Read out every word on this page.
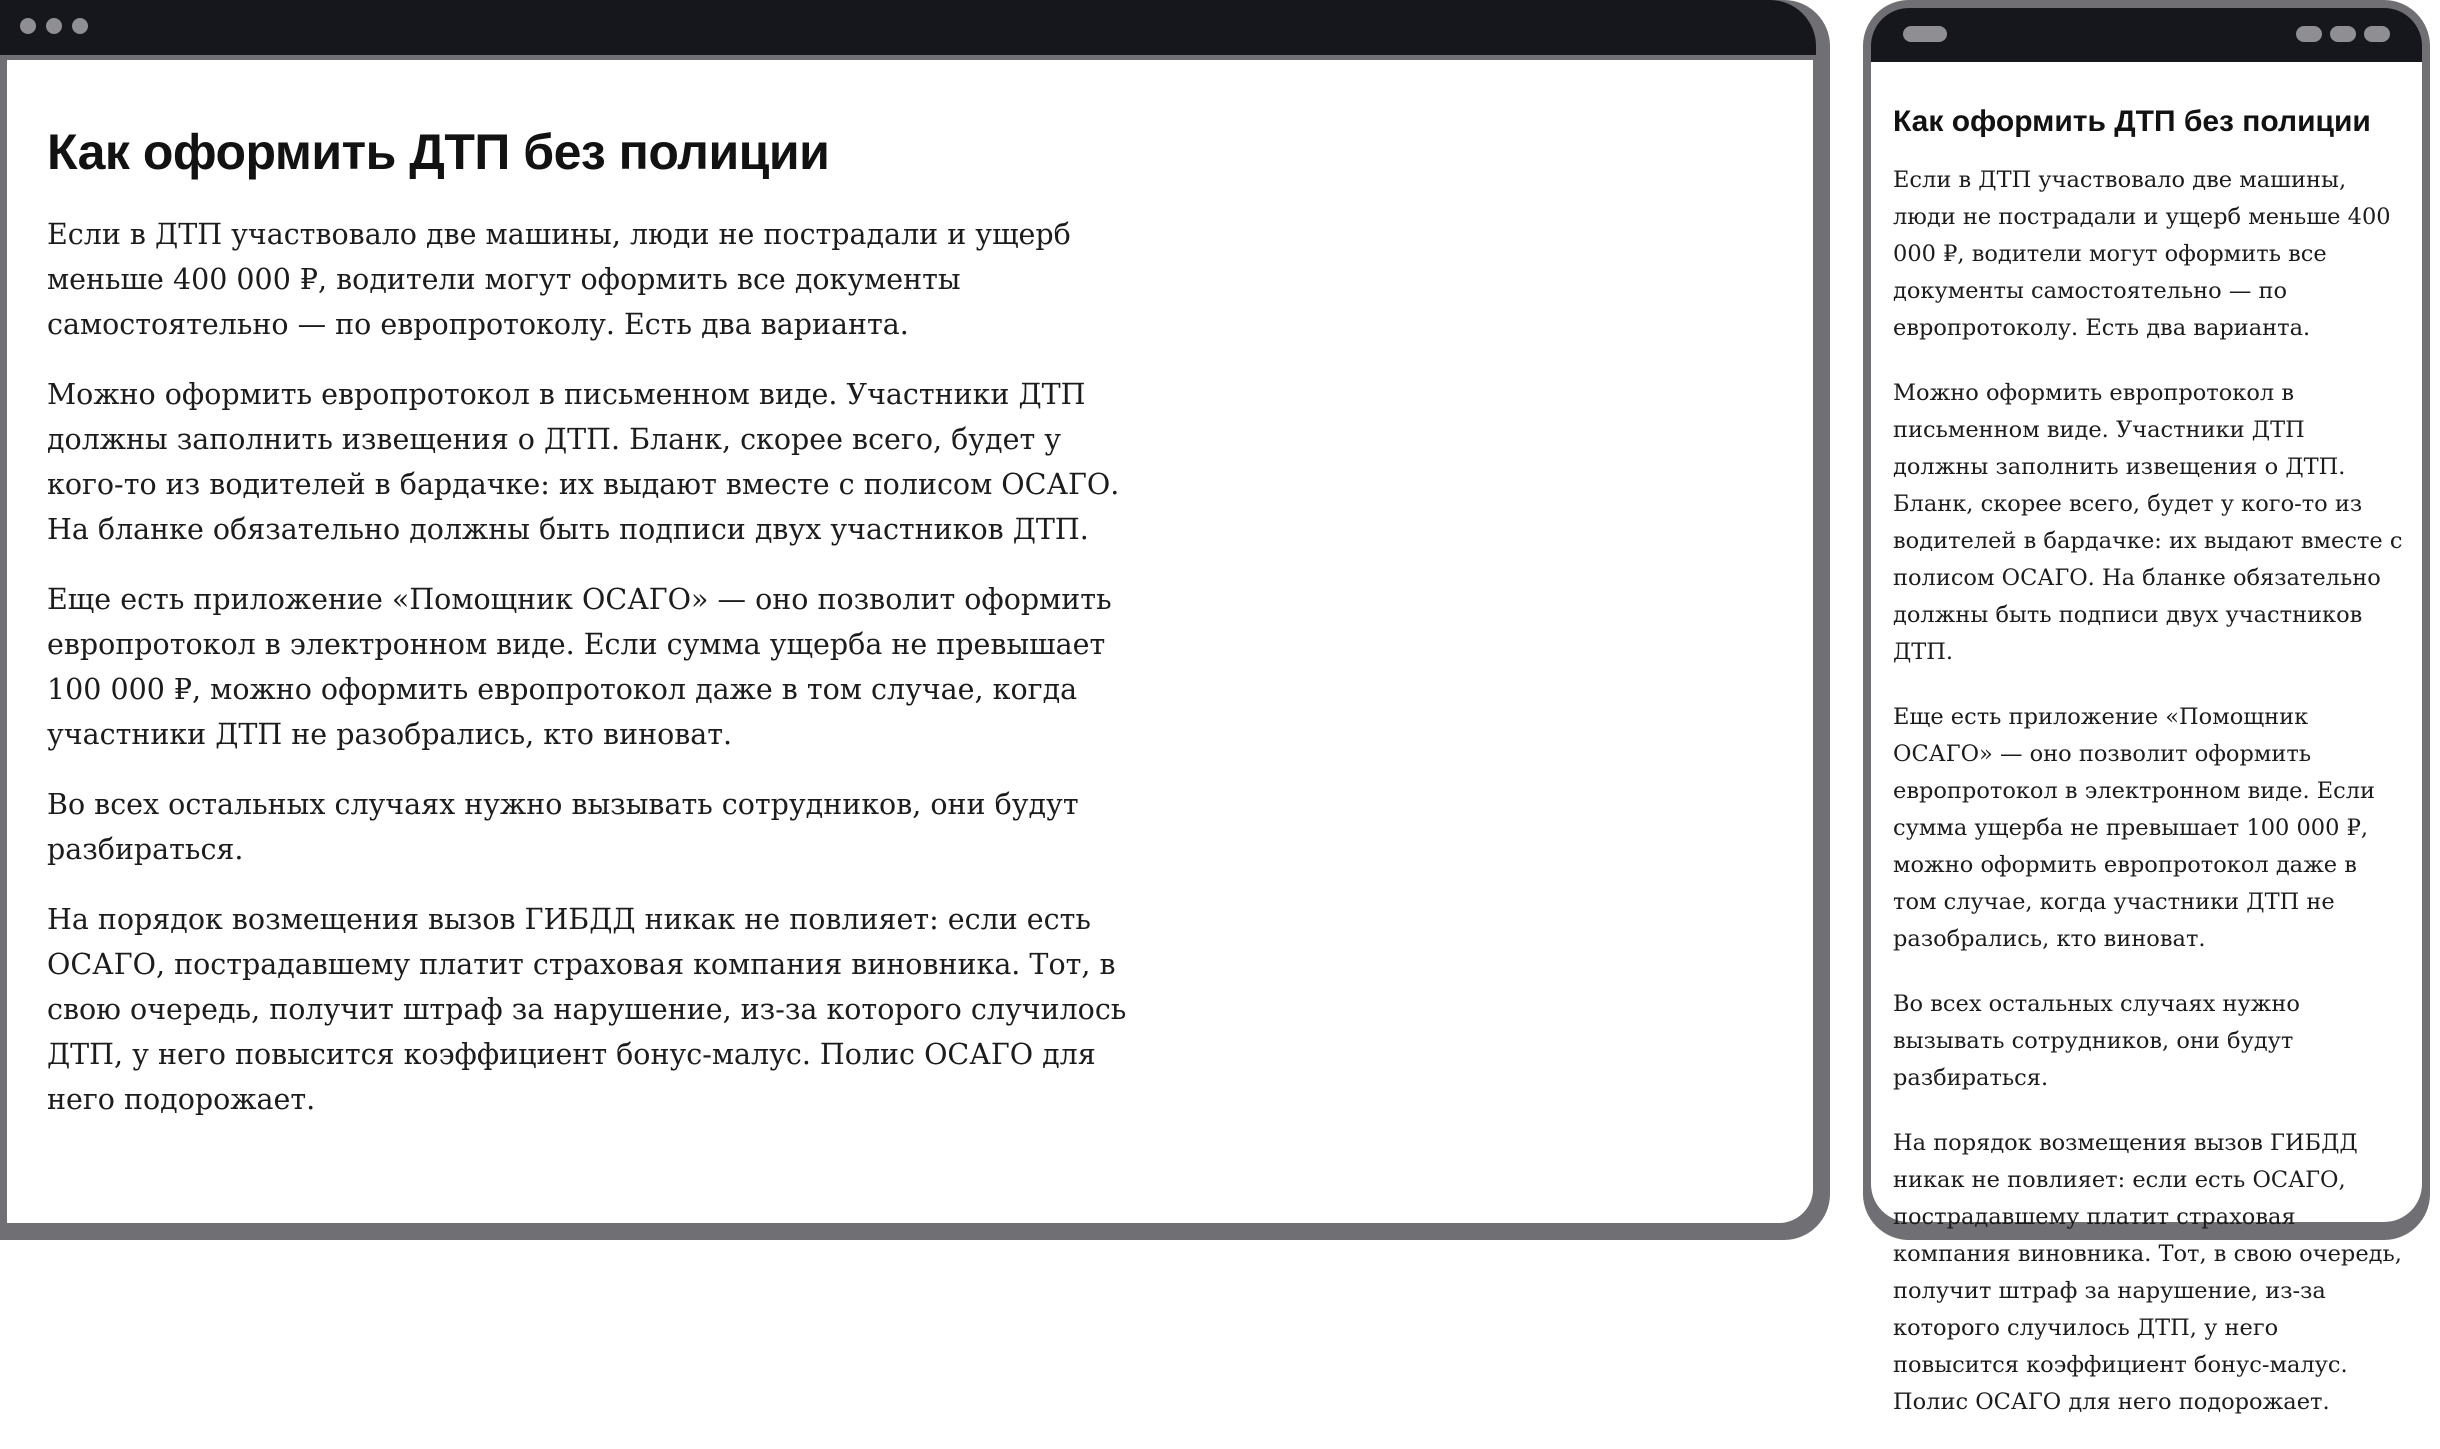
Как оформить ДТП без полиции

Если в ДТП участвовало две машины, люди не пострадали и ущерб меньше 400 000 ₽, водители могут оформить все документы самостоятельно — по европротоколу. Есть два варианта.

Можно оформить европротокол в письменном виде. Участники ДТП должны заполнить извещения о ДТП. Бланк, скорее всего, будет у кого-то из водителей в бардачке: их выдают вместе с полисом ОСАГО. На бланке обязательно должны быть подписи двух участников ДТП.

Еще есть приложение «Помощник ОСАГО» — оно позволит оформить европротокол в электронном виде. Если сумма ущерба не превышает 100 000 ₽, можно оформить европротокол даже в том случае, когда участники ДТП не разобрались, кто виноват.

Во всех остальных случаях нужно вызывать сотрудников, они будут разбираться.

На порядок возмещения вызов ГИБДД никак не повлияет: если есть ОСАГО, пострадавшему платит страховая компания виновника. Тот, в свою очередь, получит штраф за нарушение, из-за которого случилось ДТП, у него повысится коэффициент бонус-малус. Полис ОСАГО для него подорожает.

Как оформить ДТП без полиции

Если в ДТП участвовало две машины, люди не пострадали и ущерб меньше 400 000 ₽, водители могут оформить все документы самостоятельно — по европротоколу. Есть два варианта.

Можно оформить европротокол в письменном виде. Участники ДТП должны заполнить извещения о ДТП. Бланк, скорее всего, будет у кого-то из водителей в бардачке: их выдают вместе с полисом ОСАГО. На бланке обязательно должны быть подписи двух участников ДТП.

Еще есть приложение «Помощник ОСАГО» — оно позволит оформить европротокол в электронном виде. Если сумма ущерба не превышает 100 000 ₽, можно оформить европротокол даже в том случае, когда участники ДТП не разобрались, кто виноват.

Во всех остальных случаях нужно вызывать сотрудников, они будут разбираться.

На порядок возмещения вызов ГИБДД никак не повлияет: если есть ОСАГО, пострадавшему платит страховая компания виновника. Тот, в свою очередь, получит штраф за нарушение, из-за которого случилось ДТП, у него повысится коэффициент бонус-малус. Полис ОСАГО для него подорожает.
